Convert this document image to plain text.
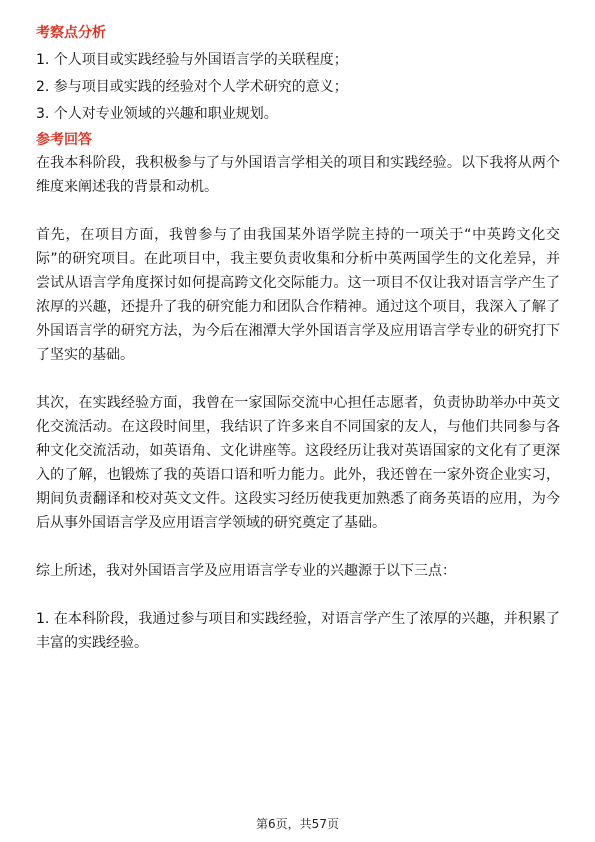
考察点分析

1. 个人项目或实践经验与外国语言学的关联程度；

2. 参与项目或实践的经验对个人学术研究的意义；

3. 个人对专业领域的兴趣和职业规划。

参考回答

在我本科阶段，我积极参与了与外国语言学相关的项目和实践经验。以下我将从两个维度来阐述我的背景和动机。

首先，在项目方面，我曾参与了由我国某外语学院主持的一项关于“中英跨文化交际”的研究项目。在此项目中，我主要负责收集和分析中英两国学生的文化差异，并尝试从语言学角度探讨如何提高跨文化交际能力。这一项目不仅让我对语言学产生了浓厚的兴趣，还提升了我的研究能力和团队合作精神。通过这个项目，我深入了解了外国语言学的研究方法，为今后在湘潭大学外国语言学及应用语言学专业的研究打下了坚实的基础。

其次，在实践经验方面，我曾在一家国际交流中心担任志愿者，负责协助举办中英文化交流活动。在这段时间里，我结识了许多来自不同国家的友人，与他们共同参与各种文化交流活动，如英语角、文化讲座等。这段经历让我对英语国家的文化有了更深入的了解，也锻炼了我的英语口语和听力能力。此外，我还曾在一家外资企业实习，期间负责翻译和校对英文文件。这段实习经历使我更加熟悉了商务英语的应用，为今后从事外国语言学及应用语言学领域的研究奠定了基础。

综上所述，我对外国语言学及应用语言学专业的兴趣源于以下三点：

1. 在本科阶段，我通过参与项目和实践经验，对语言学产生了浓厚的兴趣，并积累了丰富的实践经验。

第6页，共57页
